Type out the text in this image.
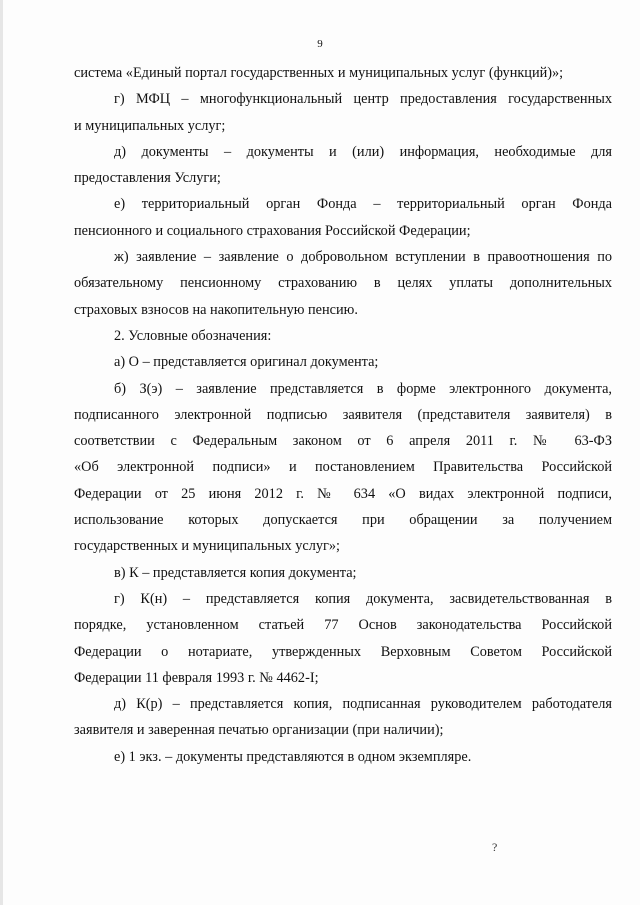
9
система «Единый портал государственных и муниципальных услуг (функций)»;
г) МФЦ – многофункциональный центр предоставления государственных
и муниципальных услуг;
д) документы – документы и (или) информация, необходимые для
предоставления Услуги;
е) территориальный орган Фонда – территориальный орган Фонда
пенсионного и социального страхования Российской Федерации;
ж) заявление – заявление о добровольном вступлении в правоотношения по
обязательному пенсионному страхованию в целях уплаты дополнительных
страховых взносов на накопительную пенсию.
2. Условные обозначения:
а) О – представляется оригинал документа;
б) З(э) – заявление представляется в форме электронного документа,
подписанного электронной подписью заявителя (представителя заявителя) в
соответствии с Федеральным законом от 6 апреля 2011 г. № 63-ФЗ
«Об электронной подписи» и постановлением Правительства Российской
Федерации от 25 июня 2012 г. № 634 «О видах электронной подписи,
использование которых допускается при обращении за получением
государственных и муниципальных услуг»;
в) К – представляется копия документа;
г) К(н) – представляется копия документа, засвидетельствованная в
порядке, установленном статьей 77 Основ законодательства Российской
Федерации о нотариате, утвержденных Верховным Советом Российской
Федерации 11 февраля 1993 г. № 4462-I;
д) К(р) – представляется копия, подписанная руководителем работодателя
заявителя и заверенная печатью организации (при наличии);
е) 1 экз. – документы представляются в одном экземпляре.
?
